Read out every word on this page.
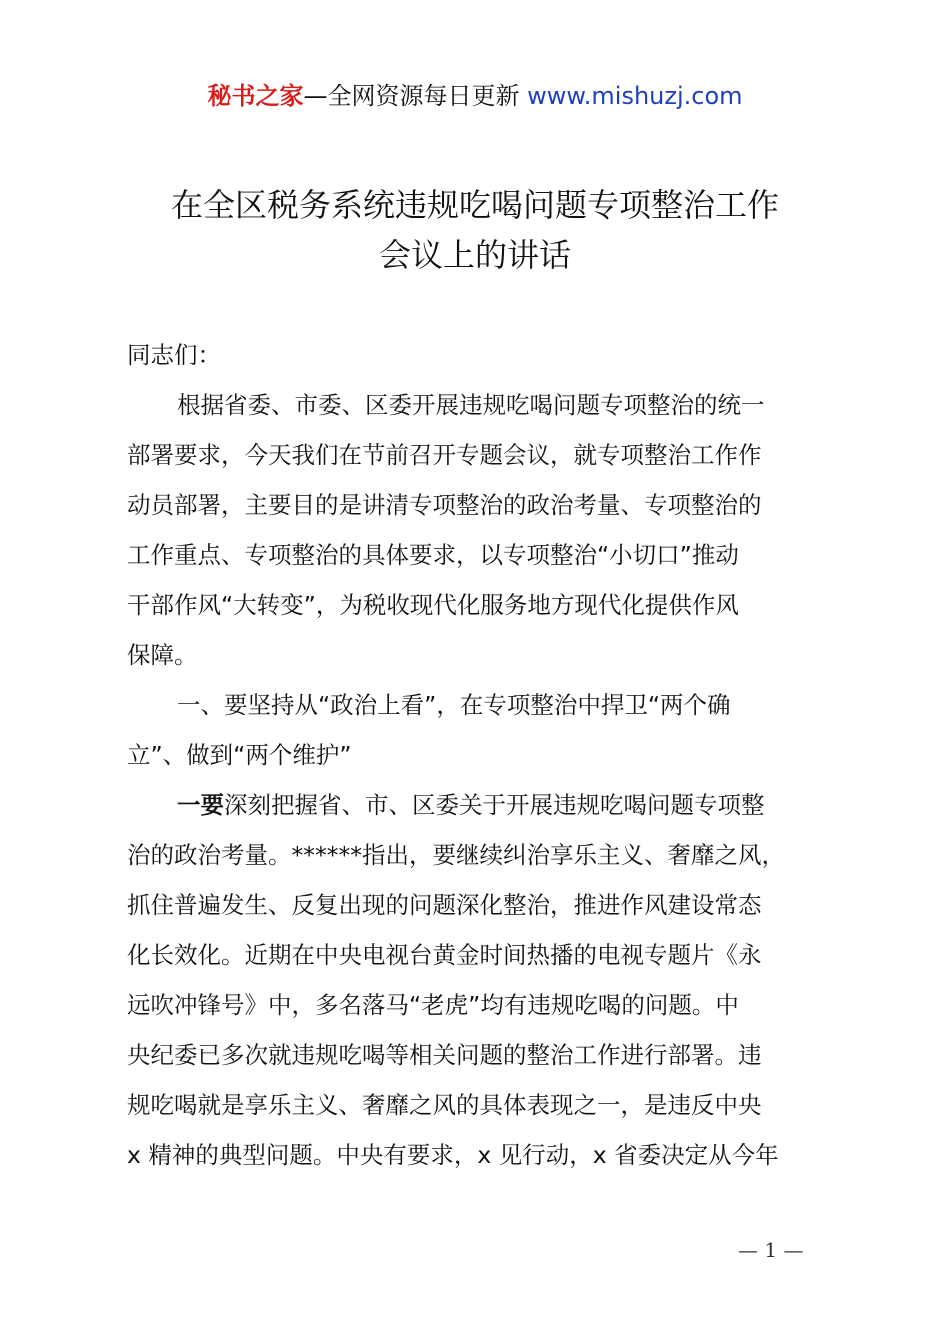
秘书之家—全网资源每日更新 www.mishuzj.com
在全区税务系统违规吃喝问题专项整治工作
会议上的讲话
同志们：
根据省委、市委、区委开展违规吃喝问题专项整治的统一
部署要求，今天我们在节前召开专题会议，就专项整治工作作
动员部署，主要目的是讲清专项整治的政治考量、专项整治的
工作重点、专项整治的具体要求，以专项整治“小切口”推动
干部作风“大转变”，为税收现代化服务地方现代化提供作风
保障。
一、要坚持从“政治上看”，在专项整治中捍卫“两个确
立”、做到“两个维护”
一要深刻把握省、市、区委关于开展违规吃喝问题专项整
治的政治考量。******指出，要继续纠治享乐主义、奢靡之风，
抓住普遍发生、反复出现的问题深化整治，推进作风建设常态
化长效化。近期在中央电视台黄金时间热播的电视专题片《永
远吹冲锋号》中，多名落马“老虎”均有违规吃喝的问题。中
央纪委已多次就违规吃喝等相关问题的整治工作进行部署。违
规吃喝就是享乐主义、奢靡之风的具体表现之一，是违反中央
x 精神的典型问题。中央有要求，x 见行动，x 省委决定从今年
— 1 —
